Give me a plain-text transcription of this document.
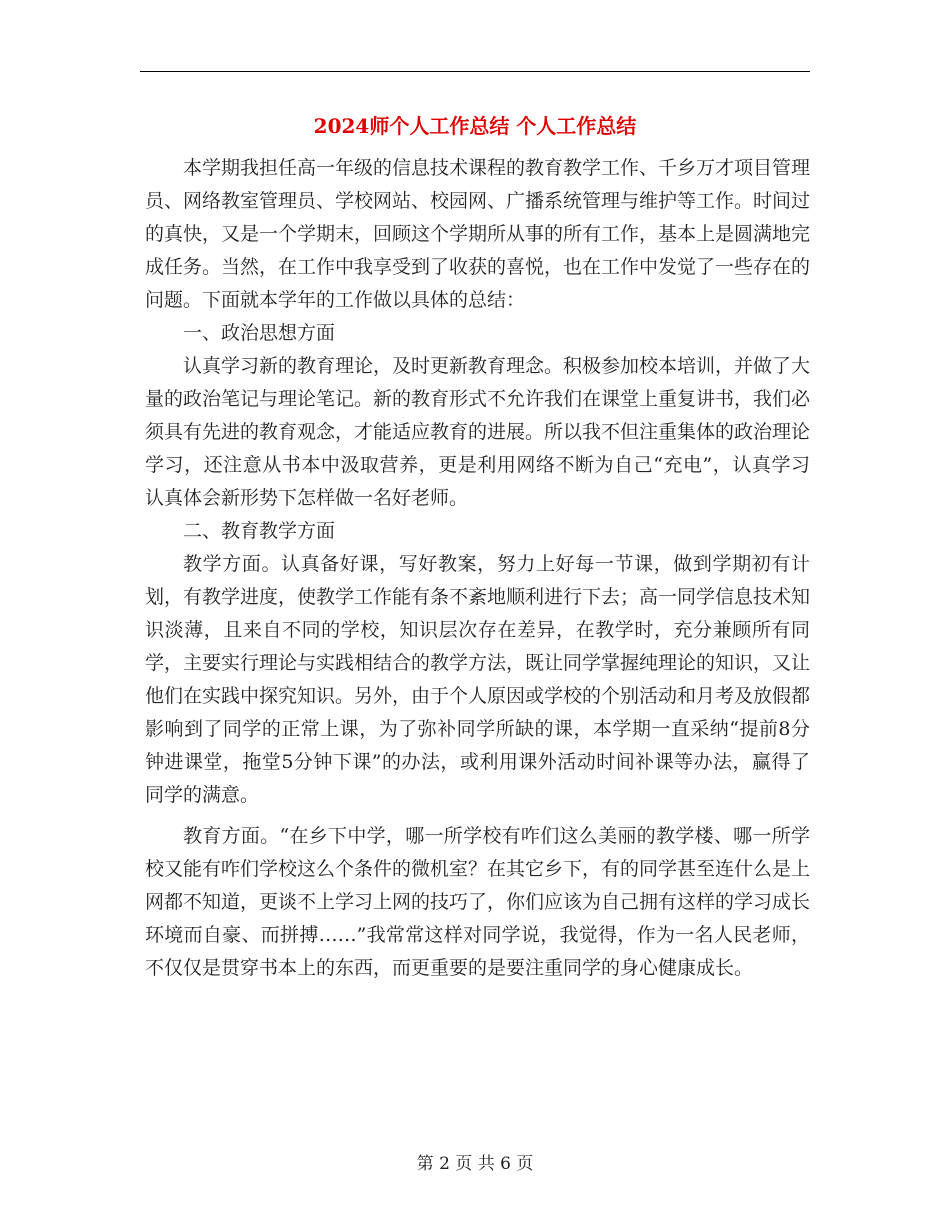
2024师个人工作总结 个人工作总结

本学期我担任高一年级的信息技术课程的教育教学工作、千乡万才项目管理员、网络教室管理员、学校网站、校园网、广播系统管理与维护等工作。时间过的真快，又是一个学期末，回顾这个学期所从事的所有工作，基本上是圆满地完成任务。当然，在工作中我享受到了收获的喜悦，也在工作中发觉了一些存在的问题。下面就本学年的工作做以具体的总结：

一、政治思想方面

认真学习新的教育理论，及时更新教育理念。积极参加校本培训，并做了大量的政治笔记与理论笔记。新的教育形式不允许我们在课堂上重复讲书，我们必须具有先进的教育观念，才能适应教育的进展。所以我不但注重集体的政治理论学习，还注意从书本中汲取营养，更是利用网络不断为自己“充电”，认真学习认真体会新形势下怎样做一名好老师。

二、教育教学方面

教学方面。认真备好课，写好教案，努力上好每一节课，做到学期初有计划，有教学进度，使教学工作能有条不紊地顺利进行下去；高一同学信息技术知识淡薄，且来自不同的学校，知识层次存在差异，在教学时，充分兼顾所有同学，主要实行理论与实践相结合的教学方法，既让同学掌握纯理论的知识，又让他们在实践中探究知识。另外，由于个人原因或学校的个别活动和月考及放假都影响到了同学的正常上课，为了弥补同学所缺的课，本学期一直采纳“提前8分钟进课堂，拖堂5分钟下课”的办法，或利用课外活动时间补课等办法，赢得了同学的满意。

教育方面。“在乡下中学，哪一所学校有咋们这么美丽的教学楼、哪一所学校又能有咋们学校这么个条件的微机室？在其它乡下，有的同学甚至连什么是上网都不知道，更谈不上学习上网的技巧了，你们应该为自己拥有这样的学习成长环境而自豪、而拼搏……”我常常这样对同学说，我觉得，作为一名人民老师，不仅仅是贯穿书本上的东西，而更重要的是要注重同学的身心健康成长。

第 2 页 共 6 页
